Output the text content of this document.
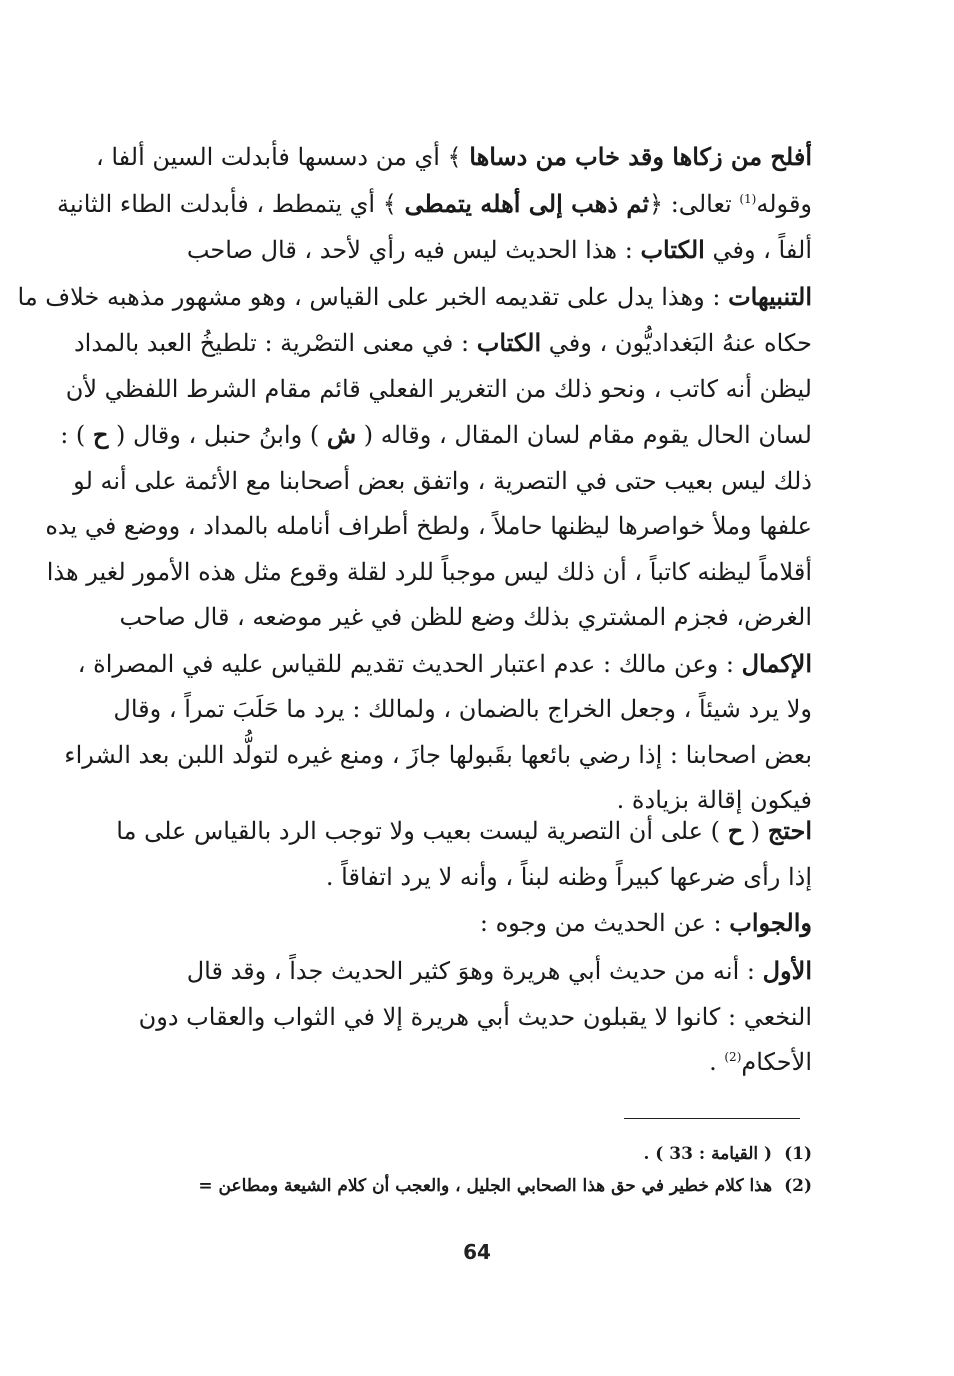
أفلح من زكاها وقد خاب من دساها ﴾ أي من دسسها فأبدلت السين ألفا ،
وقوله$^{(1)}$ تعالى: ﴿ثم ذهب إلى أهله يتمطى ﴾ أي يتمطط ، فأبدلت الطاء الثانية
ألفاً ، وفي الكتاب : هذا الحديث ليس فيه رأي لأحد ، قال صاحب
التنبيهات : وهذا يدل على تقديمه الخبر على القياس ، وهو مشهور مذهبه خلاف ما
حكاه عنهُ البَغداديُّون ، وفي الكتاب : في معنى التصْرية : تلطيخُ العبد بالمداد
ليظن أنه كاتب ، ونحو ذلك من التغرير الفعلي قائم مقام الشرط اللفظي لأن
لسان الحال يقوم مقام لسان المقال ، وقاله ( ش ) وابنُ حنبل ، وقال ( ح ) :
ذلك ليس بعيب حتى في التصرية ، واتفق بعض أصحابنا مع الأئمة على أنه لو
علفها وملأ خواصرها ليظنها حاملاً ، ولطخ أطراف أنامله بالمداد ، ووضع في يده
أقلاماً ليظنه كاتباً ، أن ذلك ليس موجباً للرد لقلة وقوع مثل هذه الأمور لغير هذا
الغرض، فجزم المشتري بذلك وضع للظن في غير موضعه ، قال صاحب
الإكمال : وعن مالك : عدم اعتبار الحديث تقديم للقياس عليه في المصراة ،
ولا يرد شيئاً ، وجعل الخراج بالضمان ، ولمالك : يرد ما حَلَبَ تمراً ، وقال
بعض اصحابنا : إذا رضي بائعها بقَبولها جازَ ، ومنع غيره لتولُّد اللبن بعد الشراء
فيكون إقالة بزيادة .
احتج ( ح ) على أن التصرية ليست بعيب ولا توجب الرد بالقياس على ما
إذا رأى ضرعها كبيراً وظنه لبناً ، وأنه لا يرد اتفاقاً .
والجواب : عن الحديث من وجوه :
الأول : أنه من حديث أبي هريرة وهوَ كثير الحديث جداً ، وقد قال
النخعي : كانوا لا يقبلون حديث أبي هريرة إلا في الثواب والعقاب دون
الأحكام$^{(2)}$ .
(1)( القيامة : 33 ) .
(2)هذا كلام خطير في حق هذا الصحابي الجليل ، والعجب أن كلام الشيعة ومطاعن =
64
